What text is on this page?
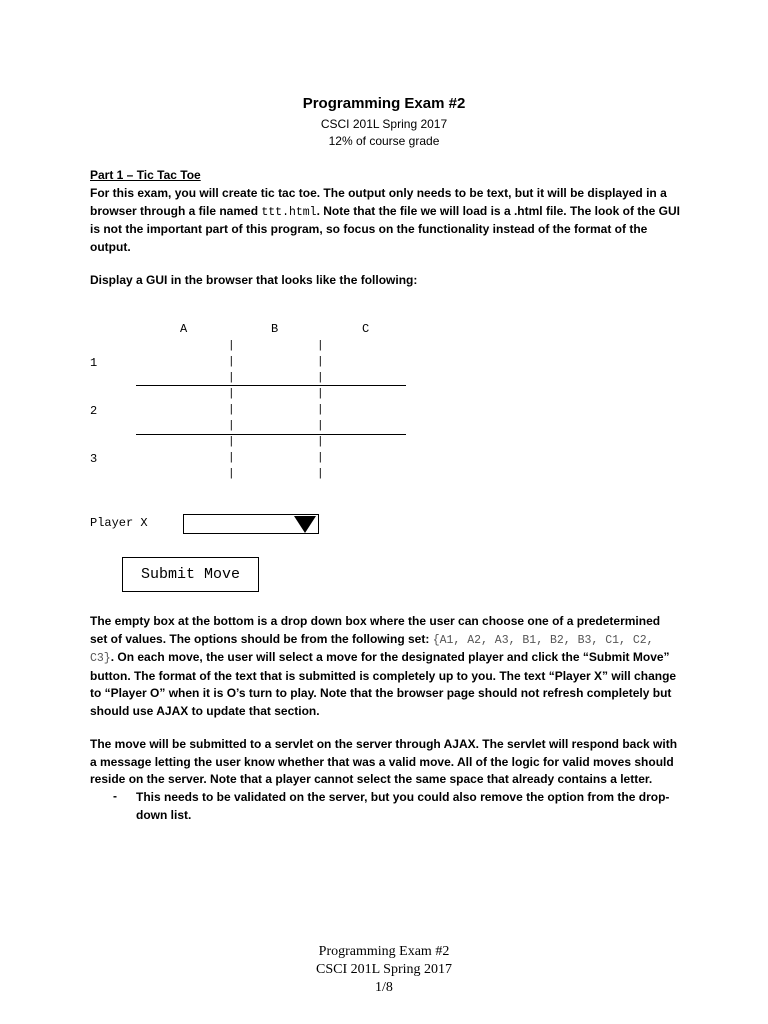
Programming Exam #2
CSCI 201L Spring 2017
12% of course grade
Part 1 – Tic Tac Toe
For this exam, you will create tic tac toe. The output only needs to be text, but it will be displayed in a browser through a file named ttt.html. Note that the file we will load is a .html file. The look of the GUI is not the important part of this program, so focus on the functionality instead of the format of the output.
Display a GUI in the browser that looks like the following:
A	B	C
1
2
3
|
|
|
|
|
|
|
|
|
|
|
|
|
|
|
|
|
|
Player X
Submit Move
The empty box at the bottom is a drop down box where the user can choose one of a predetermined set of values. The options should be from the following set: {A1, A2, A3, B1, B2, B3, C1, C2, C3}. On each move, the user will select a move for the designated player and click the “Submit Move” button. The format of the text that is submitted is completely up to you. The text “Player X” will change to “Player O” when it is O’s turn to play. Note that the browser page should not refresh completely but should use AJAX to update that section.
The move will be submitted to a servlet on the server through AJAX. The servlet will respond back with a message letting the user know whether that was a valid move. All of the logic for valid moves should reside on the server. Note that a player cannot select the same space that already contains a letter.
- This needs to be validated on the server, but you could also remove the option from the drop-down list.
Programming Exam #2
CSCI 201L Spring 2017
1/8
